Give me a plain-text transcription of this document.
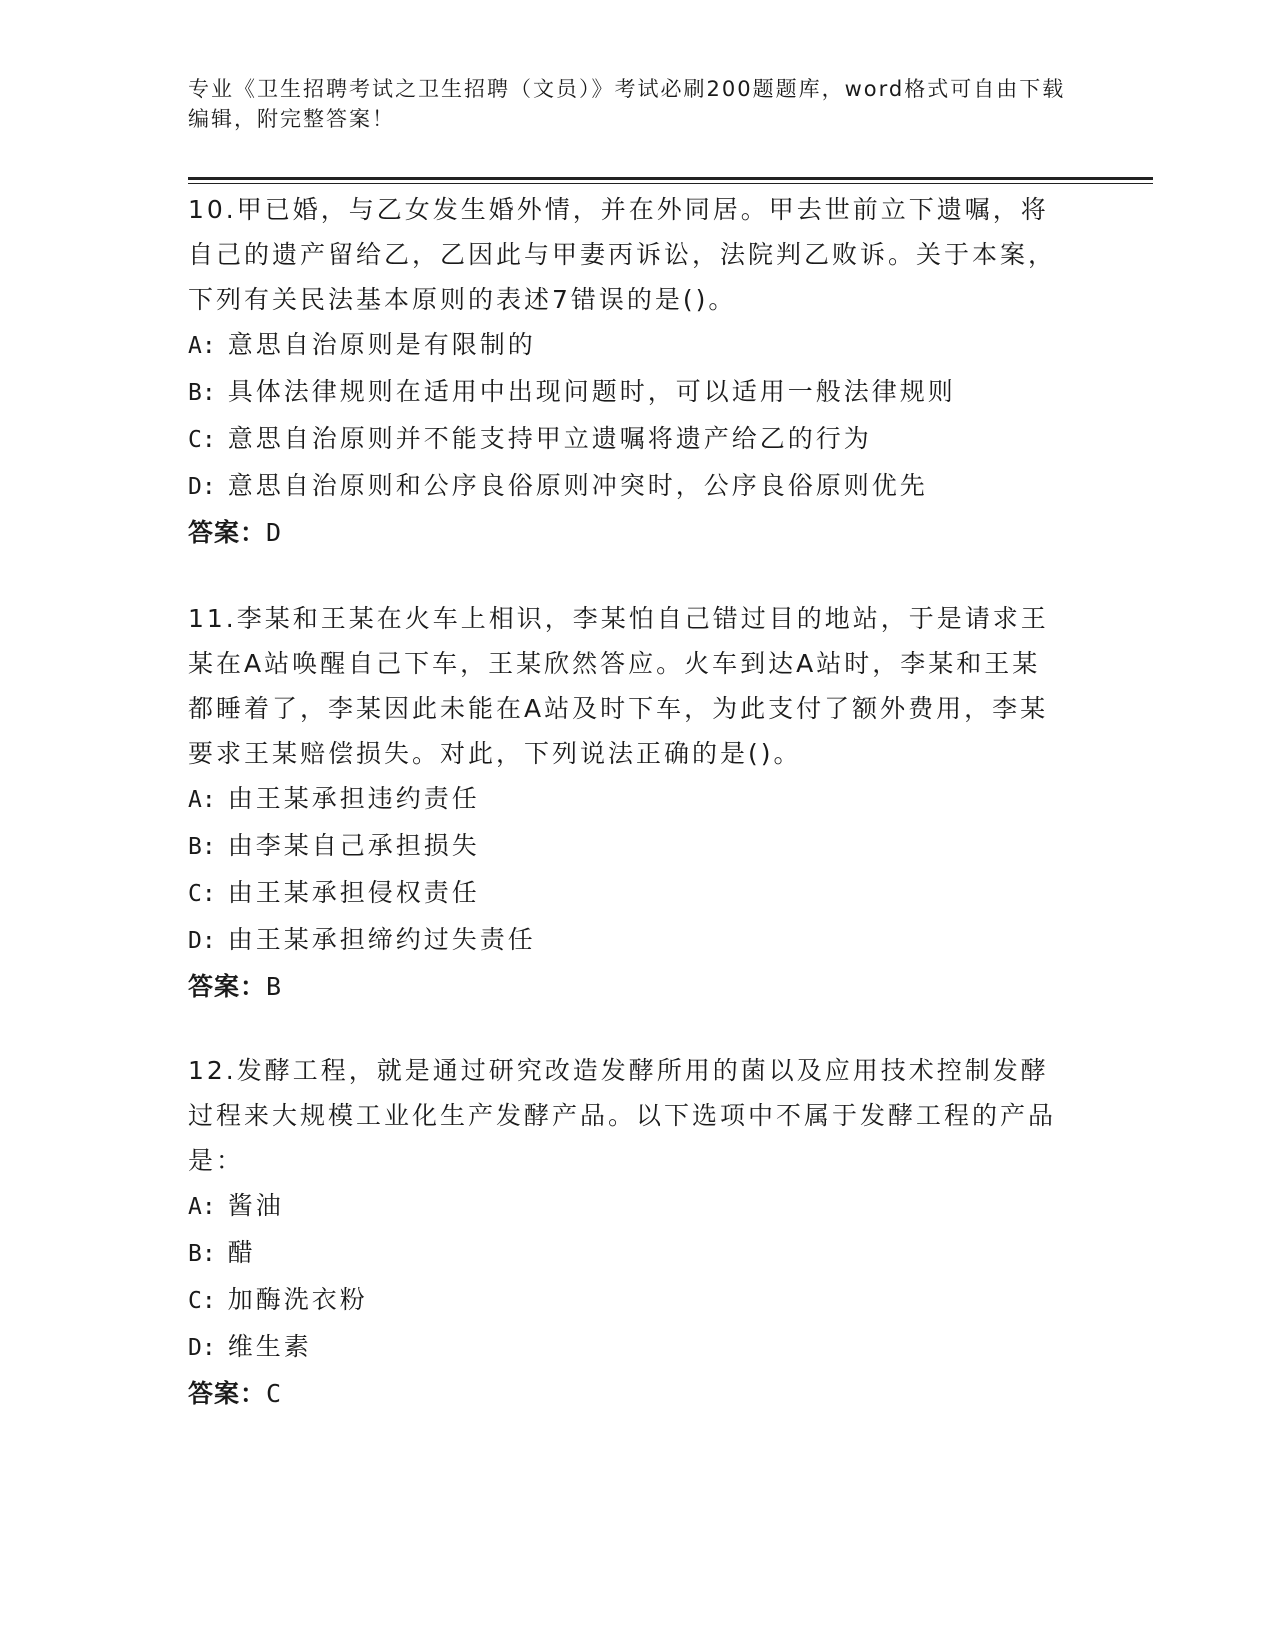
专业《卫生招聘考试之卫生招聘（文员）》考试必刷200题题库，word格式可自由下载编辑，附完整答案！

10.甲已婚，与乙女发生婚外情，并在外同居。甲去世前立下遗嘱，将自己的遗产留给乙，乙因此与甲妻丙诉讼，法院判乙败诉。关于本案，下列有关民法基本原则的表述7错误的是()。

A: 意思自治原则是有限制的

B: 具体法律规则在适用中出现问题时，可以适用一般法律规则

C: 意思自治原则并不能支持甲立遗嘱将遗产给乙的行为

D: 意思自治原则和公序良俗原则冲突时，公序良俗原则优先

答案：D

11.李某和王某在火车上相识，李某怕自己错过目的地站，于是请求王某在A站唤醒自己下车，王某欣然答应。火车到达A站时，李某和王某都睡着了，李某因此未能在A站及时下车，为此支付了额外费用，李某要求王某赔偿损失。对此，下列说法正确的是()。

A: 由王某承担违约责任

B: 由李某自己承担损失

C: 由王某承担侵权责任

D: 由王某承担缔约过失责任

答案：B

12.发酵工程，就是通过研究改造发酵所用的菌以及应用技术控制发酵过程来大规模工业化生产发酵产品。以下选项中不属于发酵工程的产品是：

A: 酱油

B: 醋

C: 加酶洗衣粉

D: 维生素

答案：C
